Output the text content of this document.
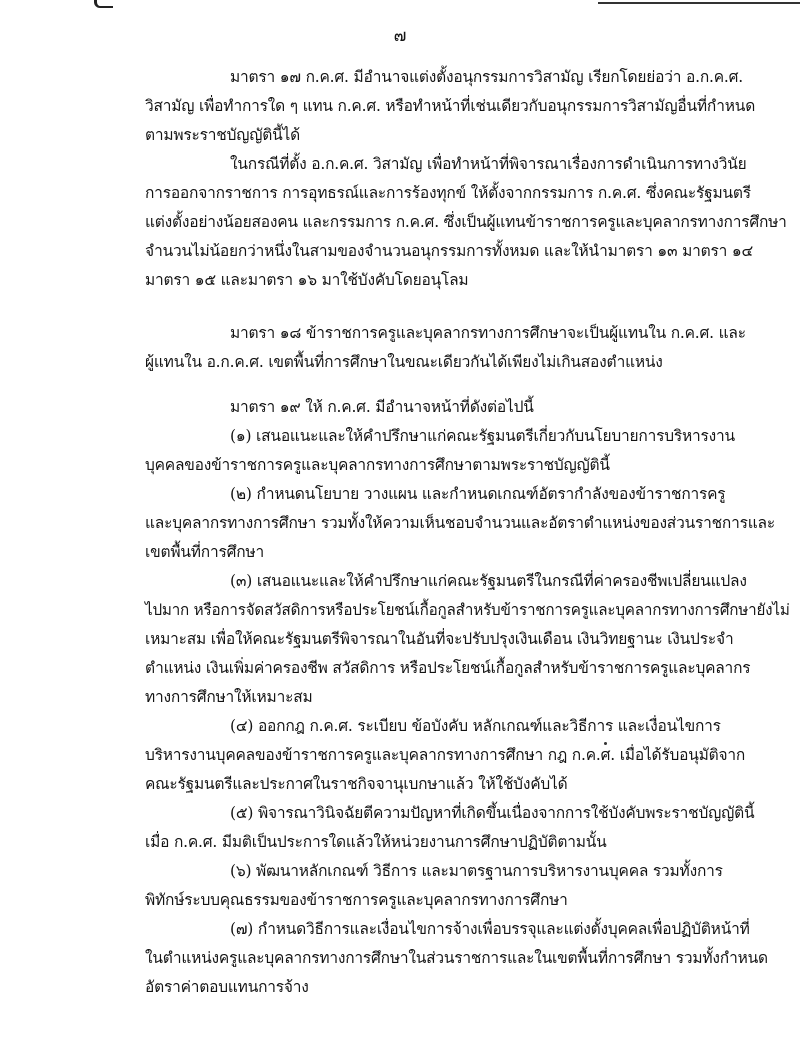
๗
มาตรา ๑๗ ก.ค.ศ. มีอำนาจแต่งตั้งอนุกรรมการวิสามัญ เรียกโดยย่อว่า อ.ก.ค.ศ.
วิสามัญ เพื่อทำการใด ๆ แทน ก.ค.ศ. หรือทำหน้าที่เช่นเดียวกับอนุกรรมการวิสามัญอื่นที่กำหนด
ตามพระราชบัญญัตินี้ได้
ในกรณีที่ตั้ง อ.ก.ค.ศ. วิสามัญ เพื่อทำหน้าที่พิจารณาเรื่องการดำเนินการทางวินัย
การออกจากราชการ การอุทธรณ์และการร้องทุกข์ ให้ตั้งจากกรรมการ ก.ค.ศ. ซึ่งคณะรัฐมนตรี
แต่งตั้งอย่างน้อยสองคน และกรรมการ ก.ค.ศ. ซึ่งเป็นผู้แทนข้าราชการครูและบุคลากรทางการศึกษา
จำนวนไม่น้อยกว่าหนึ่งในสามของจำนวนอนุกรรมการทั้งหมด และให้นำมาตรา ๑๓ มาตรา ๑๔
มาตรา ๑๕ และมาตรา ๑๖ มาใช้บังคับโดยอนุโลม
มาตรา ๑๘ ข้าราชการครูและบุคลากรทางการศึกษาจะเป็นผู้แทนใน ก.ค.ศ. และ
ผู้แทนใน อ.ก.ค.ศ. เขตพื้นที่การศึกษาในขณะเดียวกันได้เพียงไม่เกินสองตำแหน่ง
มาตรา ๑๙ ให้ ก.ค.ศ. มีอำนาจหน้าที่ดังต่อไปนี้
(๑) เสนอแนะและให้คำปรึกษาแก่คณะรัฐมนตรีเกี่ยวกับนโยบายการบริหารงาน
บุคคลของข้าราชการครูและบุคลากรทางการศึกษาตามพระราชบัญญัตินี้
(๒) กำหนดนโยบาย วางแผน และกำหนดเกณฑ์อัตรากำลังของข้าราชการครู
และบุคลากรทางการศึกษา รวมทั้งให้ความเห็นชอบจำนวนและอัตราตำแหน่งของส่วนราชการและ
เขตพื้นที่การศึกษา
(๓) เสนอแนะและให้คำปรึกษาแก่คณะรัฐมนตรีในกรณีที่ค่าครองชีพเปลี่ยนแปลง
ไปมาก หรือการจัดสวัสดิการหรือประโยชน์เกื้อกูลสำหรับข้าราชการครูและบุคลากรทางการศึกษายังไม่
เหมาะสม เพื่อให้คณะรัฐมนตรีพิจารณาในอันที่จะปรับปรุงเงินเดือน เงินวิทยฐานะ เงินประจำ
ตำแหน่ง เงินเพิ่มค่าครองชีพ สวัสดิการ หรือประโยชน์เกื้อกูลสำหรับข้าราชการครูและบุคลากร
ทางการศึกษาให้เหมาะสม
(๔) ออกกฎ ก.ค.ศ. ระเบียบ ข้อบังคับ หลักเกณฑ์และวิธีการ และเงื่อนไขการ
บริหารงานบุคคลของข้าราชการครูและบุคลากรทางการศึกษา กฎ ก.ค.ศ. เมื่อได้รับอนุมัติจาก
คณะรัฐมนตรีและประกาศในราชกิจจานุเบกษาแล้ว ให้ใช้บังคับได้
(๕) พิจารณาวินิจฉัยตีความปัญหาที่เกิดขึ้นเนื่องจากการใช้บังคับพระราชบัญญัตินี้
เมื่อ ก.ค.ศ. มีมติเป็นประการใดแล้วให้หน่วยงานการศึกษาปฏิบัติตามนั้น
(๖) พัฒนาหลักเกณฑ์ วิธีการ และมาตรฐานการบริหารงานบุคคล รวมทั้งการ
พิทักษ์ระบบคุณธรรมของข้าราชการครูและบุคลากรทางการศึกษา
(๗) กำหนดวิธีการและเงื่อนไขการจ้างเพื่อบรรจุและแต่งตั้งบุคคลเพื่อปฏิบัติหน้าที่
ในตำแหน่งครูและบุคลากรทางการศึกษาในส่วนราชการและในเขตพื้นที่การศึกษา รวมทั้งกำหนด
อัตราค่าตอบแทนการจ้าง
